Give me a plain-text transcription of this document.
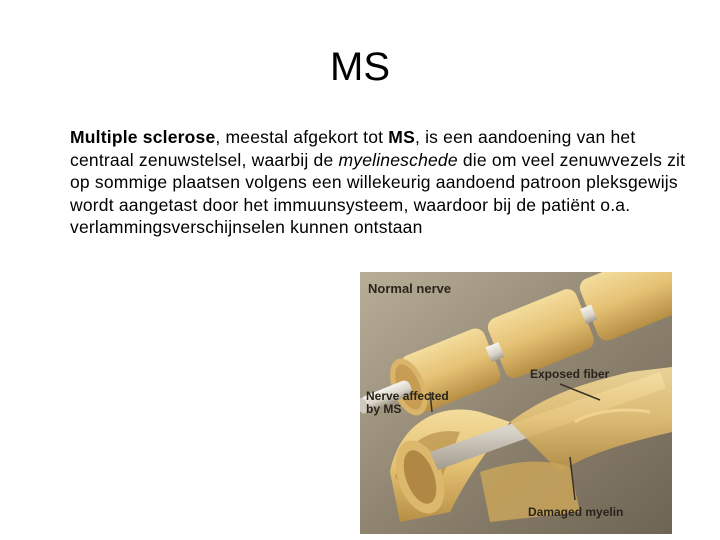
MS
Multiple sclerose, meestal afgekort tot MS, is een aandoening van het centraal zenuwstelsel, waarbij de myelineschede die om veel zenuwvezels zit op sommige plaatsen volgens een willekeurig aandoend patroon pleksgewijs wordt aangetast door het immuunsysteem, waardoor bij de patiënt o.a. verlammingsverschijnselen kunnen ontstaan
Normal nerve
Exposed fiber
Nerve affected
by MS
Damaged myelin
